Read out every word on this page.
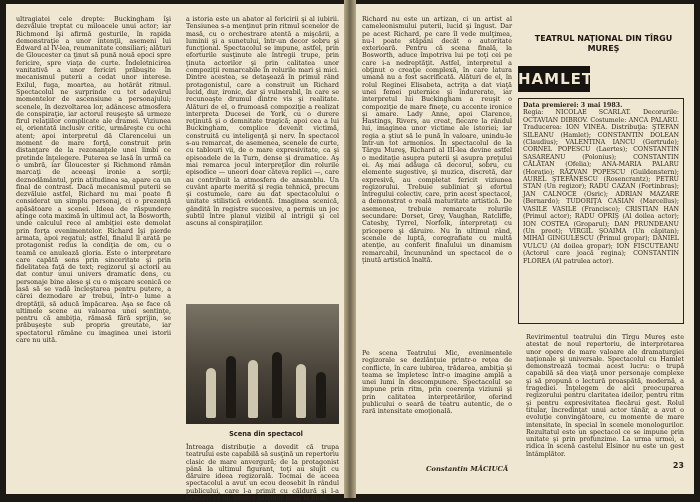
ultragiatei cele drepte: Buckingham îşi dezvăluie treptat cu miloacele unui actor; iar Richmond îşi afirmă gesturile, în rapida demonstraţie a unor intenţii, asemeni lui Edward al IV-lea, reumanitate consiliari; alături de Gloucester ca ţinut să pună nouă epoci spre fericire, spre viaţa de curte. Îndeletnicirea vanitativă a unor fericiri prăbuşite în mecanismul puterii a cedat unor interese. Exilul, fuga, moartea, au hotărât ritmul. Spectacolul ne surprinde cu tot adevărul momentelor de ascensiune a personajului; scenele, în dezvoltarea lor, adâncesc atmosfera de conspiraţie, iar actorul reuşeşte să urmeze firul relaţiilor complicate ale dramei. Viziunea ei, orientată inclusiv critic, urmăreşte cu ochi atent; apoi interpretul dă Clarencelui un moment de mare forţă, construit prin distanţare de la rezonanţele unei limbi ce pretinde înţelegere. Puterea se lasă în urmă ca o umbră, iar Gloucester şi Richmond rămân marcaţi de aceeaşi ironie a sorţii; deznodământul, prin atitudinea sa, apare ca un final de contrast. Dacă mecanismul puterii se dezvăluie astfel, Richard nu mai poate fi considerat un simplu personaj, ci o prezenţă apăsătoare a scenei. Ideea de răspundere atinge cota maximă în ultimul act, la Bosworth, unde calculul rece al ambiţiei este demolat prin forţa evenimentelor. Richard îşi pierde armata, apoi regatul; astfel, finalul îl arată pe protagonist redus la condiţia de om, cu o teamă ce anulează gloria. Este o interpretare care capătă sens prin sinceritate şi prin fidelitatea faţă de text; regizorul şi actorii au dat contur unui univers dramatic dens, cu personaje bine alese şi cu o mişcare scenică ce lasă să se vadă încleştarea pentru putere, a cărei deznodare ar trebui, într-o lume a dreptăţii, să aducă împăcarea. Aşa se face că ultimele scene au valoarea unei sentinţe, pentru că ambiţia, rămasă fără sprijin, se prăbuşeşte sub propria greutate, iar spectatorul rămâne cu imaginea unei istorii care nu uită.
a istoria este un abator al fericirii şi al iubirii. Tensiunea s-a menţinut prin ritmul scenelor de masă, cu o orchestrare atentă a mişcării, a luminii şi a sunetului, într-un decor sobru şi funcţional. Spectacolul se impune, astfel, prin eforturile susţinute ale întregii trupe, prin ţinuta actorilor şi prin calitatea unor compoziţii remarcabile în rolurile mari şi mici. Dintre acestea, se detaşează în primul rând protagonistul, care a construit un Richard lucid, dur, ironic, dar şi vulnerabil, în care se recunoaşte drumul dintre vis şi realitate. Alături de el, o frumoasă compoziţie a realizat interpreta Ducesei de York, cu o durere reţinută şi o demnitate tragică; apoi cea a lui Buckingham, complice devenit victimă, construită cu inteligenţă şi nerv. În spectacol s-au remarcat, de asemenea, scenele de curte, cu tablouri vii, de o mare expresivitate, ca şi episoadele de la Turn, dense şi dramatice. Aş mai remarca jocul interpreţilor din rolurile episodice — uneori doar câteva replici —, care au contribuit la atmosfera de ansamblu. Un cuvânt aparte merită şi regia tehnică, precum şi costumele, care au dat spectacolului o unitate stilistică evidentă. Imaginea scenică, gândită în registre succesive, a permis un joc subtil între planul vizibil al intrigii şi cel ascuns al conspiraţiilor.
Scena din spectacol
Întreaga distribuţie a dovedit că trupa teatrului este capabilă să susţină un repertoriu clasic de mare anvergură; de la protagonist până la ultimul figurant, toţi au slujit cu dăruire ideea regizorală. Tocmai de aceea spectacolul a avut un ecou deosebit în rândul publicului, care l-a primit cu căldură şi l-a urmărit cu un interes susţinut până la final.
Richard nu este un artizan, ci un artist al cameleonismului puterii, lucid şi îngust. Dar pe acest Richard, pe care îl vede mulţimea, nu-l poate stăpâni decât o autoritate exterioară. Pentru că scena finală, la Bosworth, aduce împotriva lui pe toţi cei pe care i-a nedreptăţit. Astfel, interpretul a obţinut o creaţie complexă, în care latura umană nu a fost sacrificată. Alături de el, în rolul Reginei Elisabeta, actriţa a dat viaţă unei femei puternice şi îndurerate, iar interpretul lui Buckingham a reuşit o compoziţie de mare fineţe, cu accente ironice şi amare. Lady Anne, apoi Clarence, Hastings, Rivers, au creat, fiecare la rândul lui, imaginea unor victime ale istoriei; iar regia a ştiut să le pună în valoare, unindu-le într-un tot armonios. În spectacolul de la Târgu Mureş, Richard al III-lea devine astfel o meditaţie asupra puterii şi asupra preţului ei. Aş mai adăuga că decorul, sobru, cu elemente sugestive, şi muzica, discretă, dar expresivă, au completat fericit viziunea regizorului. Trebuie subliniat şi efortul întregului colectiv, care, prin acest spectacol, a demonstrat o reală maturitate artistică. De asemenea, trebuie remarcate rolurile secundare: Dorset, Grey, Vaughan, Ratcliffe, Catesby, Tyrrel, Norfolk, interpretaţi cu pricepere şi dăruire. Nu în ultimul rând, scenele de luptă, coregrafiate cu multă atenţie, au conferit finalului un dinamism remarcabil, încununând un spectacol de o ţinută artistică înaltă.
Pe scena Teatrului Mic, evenimentele regizorale se dezlănţuie printr-o reţea de conflicte, în care iubirea, trădarea, ambiţia şi teama se împletesc într-o imagine amplă a unei lumi în descompunere. Spectacolul se impune prin ritm, prin coerenţa viziunii şi prin calitatea interpretărilor, oferind publicului o seară de teatru autentic, de o rară intensitate emoţională.
Constantin MĂCIUCĂ
TEATRUL NAŢIONAL DIN TÎRGU MUREŞ
HAMLET
Data premierei: 3 mai 1983.
Regia: NICOLAE SCARLAT. Decorurile: OCTAVIAN DIBROV. Costumele: ANCA PALARU. Traducerea: ION VINEA. Distribuţia: ŞTEFAN SILEANU (Hamlet); CONSTANTIN DOLEAN (Claudius); VALENTINA IANCU (Gertrude); CORNEL POPESCU (Laertes); CONSTANTIN SASAREANU (Polonius); CONSTANTIN CĂLĂTAN (Ofelia); ANA-MARIA PALARU (Horaţio); RĂZVAN POPESCU (Guildenstern); AUREL ŞTEFĂNESCU (Rosencrantz); PETRU STAN (Un regizor); RADU CAZAN (Fortinbras); JAN CALNOCE (Osric); ADRIAN MAZARE (Bernardo); TUDORIŢA CASIAN (Marcellus); VASILE VASILE (Francisco); CRISTIAN HAN (Primul actor); RADU OPRIŞ (Al doilea actor); ION COSTEA (Groparul); DAN PRUNDEANU (Un preot); VIRGIL ŞOAIMA (Un căpitan); MIHAI GINGULESCU (Primul gropar); DANIEL VULCU (Al doilea gropar); ION FISCUTEANU (Actorul care joacă regina); CONSTANTIN FLOREA (Al patrulea actor).
Revirimentul teatrului din Tîrgu Mureş este atestat de noul repertoriu, de interpretarea unor opere de mare valoare ale dramaturgiei naţionale şi universale. Spectacolul cu Hamlet demonstrează tocmai acest lucru: o trupă capabilă să dea viaţă unor personaje complexe şi să propună o lectură proaspătă, modernă, a tragediei. Înţelegem de aici preocuparea regizorului pentru claritatea ideilor, pentru ritm şi pentru expresivitatea fiecărui gest. Rolul titular, încredinţat unui actor tânăr, a avut o evoluţie convingătoare, cu momente de mare intensitate, în special în scenele monologurilor. Rezultatul este un spectacol ce se impune prin unitate şi prin profunzime. La urma urmei, a ridica în scenă castelul Elsinor nu este un gest întâmplător.
23
